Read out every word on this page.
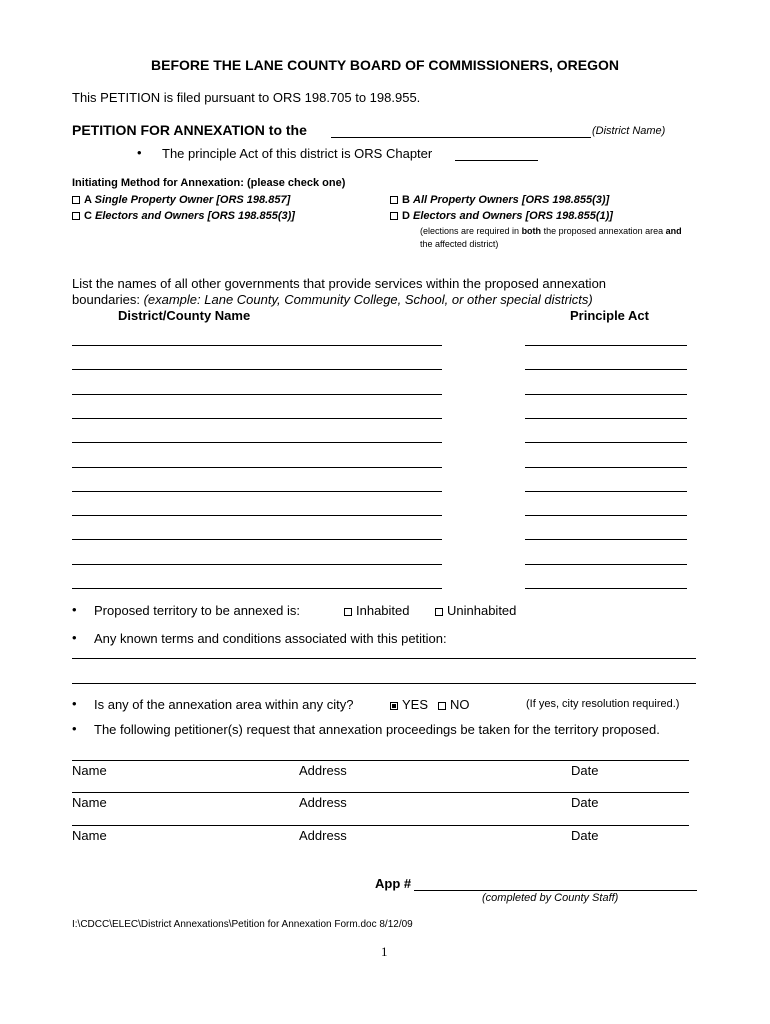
BEFORE THE LANE COUNTY BOARD OF COMMISSIONERS, OREGON
This PETITION is filed pursuant to ORS 198.705 to 198.955.
PETITION FOR ANNEXATION to the	(District Name)
• The principle Act of this district is ORS Chapter
Initiating Method for Annexation: (please check one)
A Single Property Owner [ORS 198.857]
C Electors and Owners [ORS 198.855(3)]
B All Property Owners [ORS 198.855(3)]
D Electors and Owners [ORS 198.855(1)]
(elections are required in both the proposed annexation area and
the affected district)
List the names of all other governments that provide services within the proposed annexation
boundaries: (example: Lane County, Community College, School, or other special districts)
District/County Name	Principle Act
• Proposed territory to be annexed is:	Inhabited	Uninhabited
• Any known terms and conditions associated with this petition:
• Is any of the annexation area within any city?	YES	NO	(If yes, city resolution required.)
• The following petitioner(s) request that annexation proceedings be taken for the territory proposed.
Name	Address	Date
Name	Address	Date
Name	Address	Date
App #
(completed by County Staff)
I:\CDCC\ELEC\District Annexations\Petition for Annexation Form.doc 8/12/09
1
